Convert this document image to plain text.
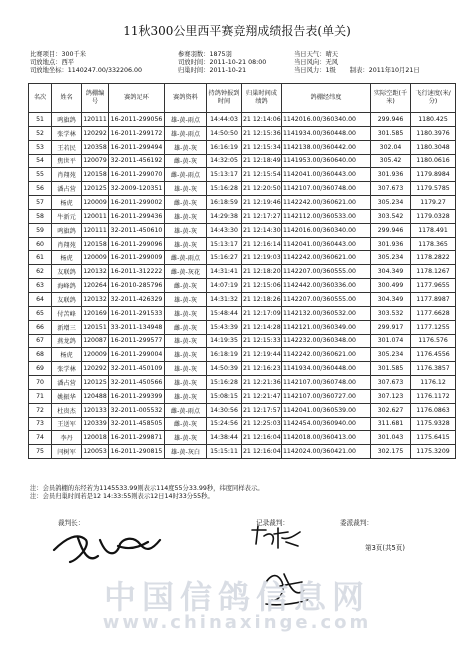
11秋300公里西平赛竞翔成绩报告表(单关)
比赛项目：300千米
司放地点：西平
司放地坐标：1140247.00/332206.00
参赛羽数：1875羽
司放时间：2011-10-21 08:00
归巢时间：2011-10-21
当日天气：晴天
当日风向：无风
当日风力：1级 制表：2011年10月21日
名次	姓名	鸽棚编号	赛鸽足环	赛鸽资料	持鸽钟报到时间	归巢时间成绩鸽	鸽棚经纬度	实际空距(千米)	飞行速度(米/分)
51	鸣旗鸽	120111	16-2011-299056	雄-黄-雨点	14:44:03	21 12:14:06	1142016.00/360340.00	299.946	1180.425
52	张学林	120292	16-2011-299172	雄-黄-雨点	14:50:50	21 12:15:36	1141934.00/360448.00	301.585	1180.3976
53	王若民	120358	16-2011-299494	雄-黄-灰	16:16:19	21 12:15:34	1142138.00/360442.00	302.04	1180.3048
54	焦世平	120079	32-2011-456192	雌-黄-灰	14:32:05	21 12:18:49	1141953.00/360640.00	305.42	1180.0616
55	肖翔苑	120158	16-2011-299070	雌-黄-雨点	15:13:17	21 12:15:54	1142041.00/360443.00	301.936	1179.8984
56	潘占营	120125	32-2009-120351	雄-黄-灰	15:16:28	21 12:20:50	1142107.00/360748.00	307.673	1179.5785
57	杨虎	120009	16-2011-299002	雌-黄-灰	16:18:59	21 12:19:46	1142242.00/360621.00	305.234	1179.27
58	牛新元	120011	16-2011-299436	雄-黄-灰	14:29:38	21 12:17:27	1142112.00/360533.00	303.542	1179.0328
59	鸣旗鸽	120111	32-2011-450610	雄-黄-灰	14:43:30	21 12:14:30	1142016.00/360340.00	299.946	1178.491
60	肖翔苑	120158	16-2011-299096	雄-黄-灰	15:13:17	21 12:16:14	1142041.00/360443.00	301.936	1178.365
61	杨虎	120009	16-2011-299009	雌-黄-雨点	15:16:27	21 12:19:03	1142242.00/360621.00	305.234	1178.2822
62	友联鸽	120132	16-2011-312222	雌-黄-灰花	14:31:41	21 12:18:20	1142207.00/360555.00	304.349	1178.1267
63	海峰鸽	120264	16-2010-285796	雌-黄-灰	14:07:19	21 12:15:06	1142442.00/360336.00	300.499	1177.9655
64	友联鸽	120132	32-2011-426329	雄-黄-灰	14:31:32	21 12:18:26	1142207.00/360555.00	304.349	1177.8987
65	付苦峰	120169	16-2011-291533	雄-黄-灰	15:48:44	21 12:17:09	1142132.00/360532.00	303.532	1177.6628
66	新增三	120151	33-2011-134948	雌-黄-灰	15:43:39	21 12:14:28	1142121.00/360349.00	299.917	1177.1255
67	燕龙鸽	120087	16-2011-299577	雄-黄-灰	14:19:35	21 12:15:33	1142232.00/360348.00	301.074	1176.576
68	杨虎	120009	16-2011-299004	雄-黄-灰	16:18:19	21 12:19:44	1142242.00/360621.00	305.234	1176.4556
69	张学林	120292	32-2011-450109	雄-黄-灰	14:50:39	21 12:16:23	1141934.00/360448.00	301.585	1176.3857
70	潘占营	120125	32-2011-450566	雄-黄-灰	15:16:28	21 12:21:36	1142107.00/360748.00	307.673	1176.12
71	姚振华	120488	16-2011-299399	雄-黄-灰	15:08:15	21 12:21:47	1142107.00/360727.00	307.123	1176.1172
72	杜贵杰	120133	32-2011-005532	雌-黄-雨点	14:30:56	21 12:17:57	1142041.00/360539.00	302.627	1176.0863
73	王送军	120339	32-2011-458505	雌-黄-灰	15:24:56	21 12:25:03	1142454.00/360940.00	311.681	1175.9328
74	李丹	120018	16-2011-299871	雄-黄-灰	14:38:44	21 12:16:04	1142018.00/360413.00	301.043	1175.6415
75	闫树军	120053	16-2011-290815	雄-黄-灰白	15:15:11	21 12:16:04	1142024.00/360421.00	302.175	1175.3209
注：会员鸽棚的东经若为1145533.99则表示114度55分33.99秒，纬度同样表示。
注：会员归巢时间若是12 14:33:55则表示12日14时33分55秒。
裁判长：	记录裁判：	委派裁判：
第3页(共5页)
中国信鸽信息网
www.chinaxinge.com
